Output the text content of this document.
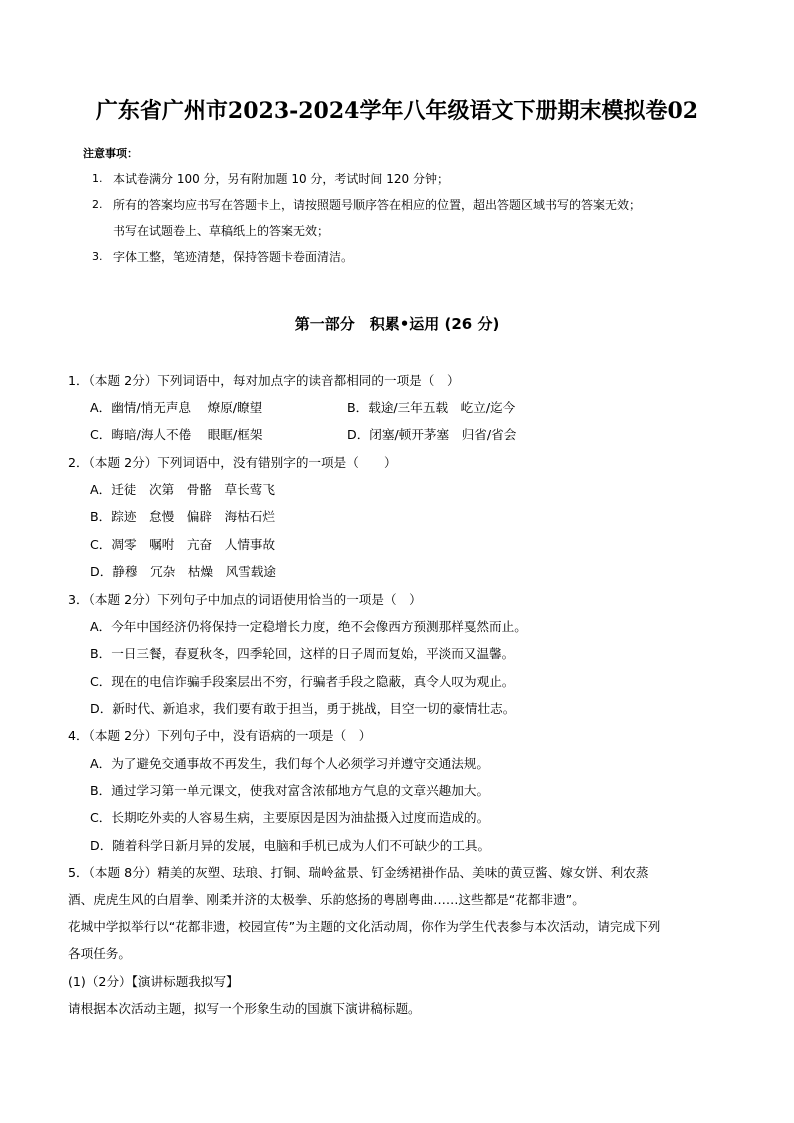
广东省广州市2023-2024学年八年级语文下册期末模拟卷02
注意事项：
1. 本试卷满分 100 分，另有附加题 10 分，考试时间 120 分钟；
2. 所有的答案均应书写在答题卡上，请按照题号顺序答在相应的位置，超出答题区域书写的答案无效；
书写在试题卷上、草稿纸上的答案无效；
3. 字体工整，笔迹清楚，保持答题卡卷面清洁。
第一部分　积累•运用 (26 分)
1．（本题 2分）下列词语中，每对加点字的读音都相同的一项是（　）
A．幽情/悄无声息　 燎原/瞭望	B．载途/三年五载　屹立/迄今
C．晦暗/海人不倦　 眼眶/框架	D．闭塞/顿开茅塞　归省/省会
2．（本题 2分）下列词语中，没有错别字的一项是（　　）
A．迁徒　次第　骨骼　草长莺飞
B．踪迹　怠慢　偏辟　海枯石烂
C．凋零　嘱咐　亢奋　人情事故
D．静穆　冗杂　枯燥　风雪载途
3．（本题 2分）下列句子中加点的词语使用恰当的一项是（　）
A．今年中国经济仍将保持一定稳增长力度，绝不会像西方预测那样戛然而止。
B．一日三餐，春夏秋冬，四季轮回，这样的日子周而复始，平淡而又温馨。
C．现在的电信诈骗手段案层出不穷，行骗者手段之隐蔽，真令人叹为观止。
D．新时代、新追求，我们要有敢于担当，勇于挑战，目空一切的豪情壮志。
4．（本题 2分）下列句子中，没有语病的一项是（　）
A．为了避免交通事故不再发生，我们每个人必须学习并遵守交通法规。
B．通过学习第一单元课文，使我对富含浓郁地方气息的文章兴趣加大。
C．长期吃外卖的人容易生病，主要原因是因为油盐摄入过度而造成的。
D．随着科学日新月异的发展，电脑和手机已成为人们不可缺少的工具。
5．（本题 8分）精美的灰塑、珐琅、打铜、瑞岭盆景、钉金绣裙褂作品、美味的黄豆酱、嫁女饼、利农蒸
酒、虎虎生风的白眉拳、刚柔并济的太极拳、乐韵悠扬的粤剧粤曲……这些都是“花都非遗”。
花城中学拟举行以“花都非遗，校园宣传”为主题的文化活动周，你作为学生代表参与本次活动，请完成下列
各项任务。
(1)（2分）【演讲标题我拟写】
请根据本次活动主题，拟写一个形象生动的国旗下演讲稿标题。
